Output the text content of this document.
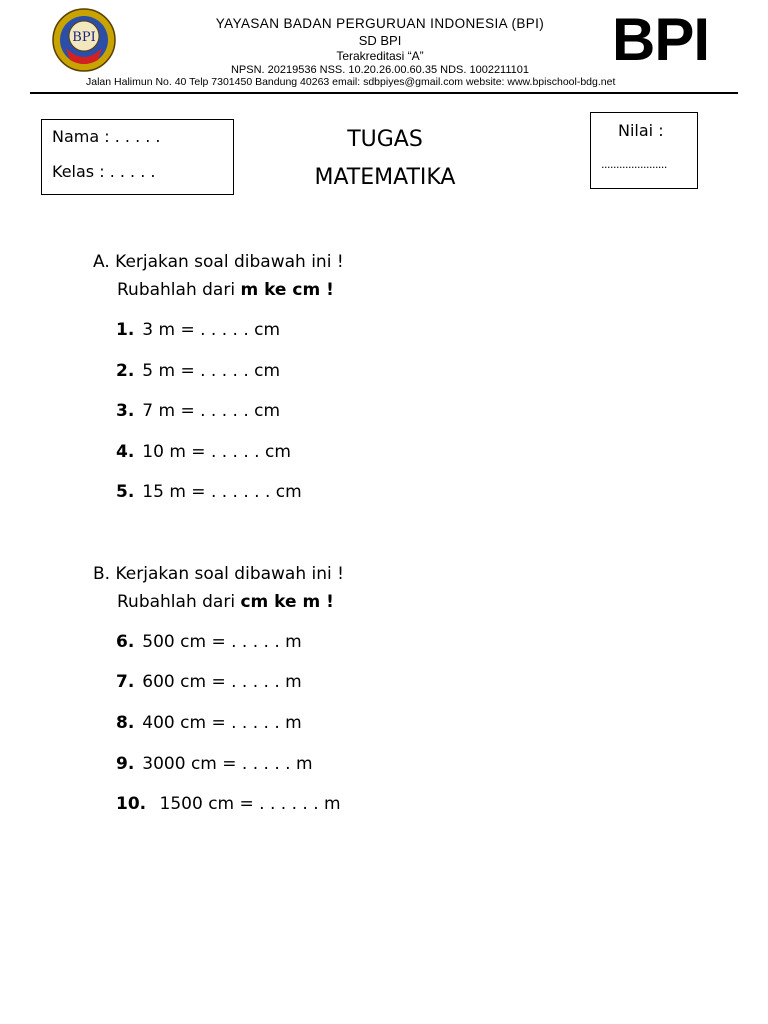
BPI
YAYASAN BADAN PERGURUAN INDONESIA (BPI)
SD BPI
Terakreditasi “A”
NPSN. 20219536 NSS. 10.20.26.00.60.35 NDS. 1002211101
Jalan Halimun No. 40 Telp 7301450 Bandung 40263 email: sdbpiyes@gmail.com website: www.bpischool-bdg.net
BPI
Nama : . . . . .
Kelas : . . . . .
TUGAS
MATEMATIKA
Nilai :
......................
A. Kerjakan soal dibawah ini !
Rubahlah dari m ke cm !
1. 3 m = . . . . . cm
2. 5 m = . . . . . cm
3. 7 m = . . . . . cm
4. 10 m = . . . . . cm
5. 15 m = . . . . . . cm
B. Kerjakan soal dibawah ini !
Rubahlah dari cm ke m !
6. 500 cm = . . . . . m
7. 600 cm = . . . . . m
8. 400 cm = . . . . . m
9. 3000 cm = . . . . . m
10. 1500 cm = . . . . . . m
